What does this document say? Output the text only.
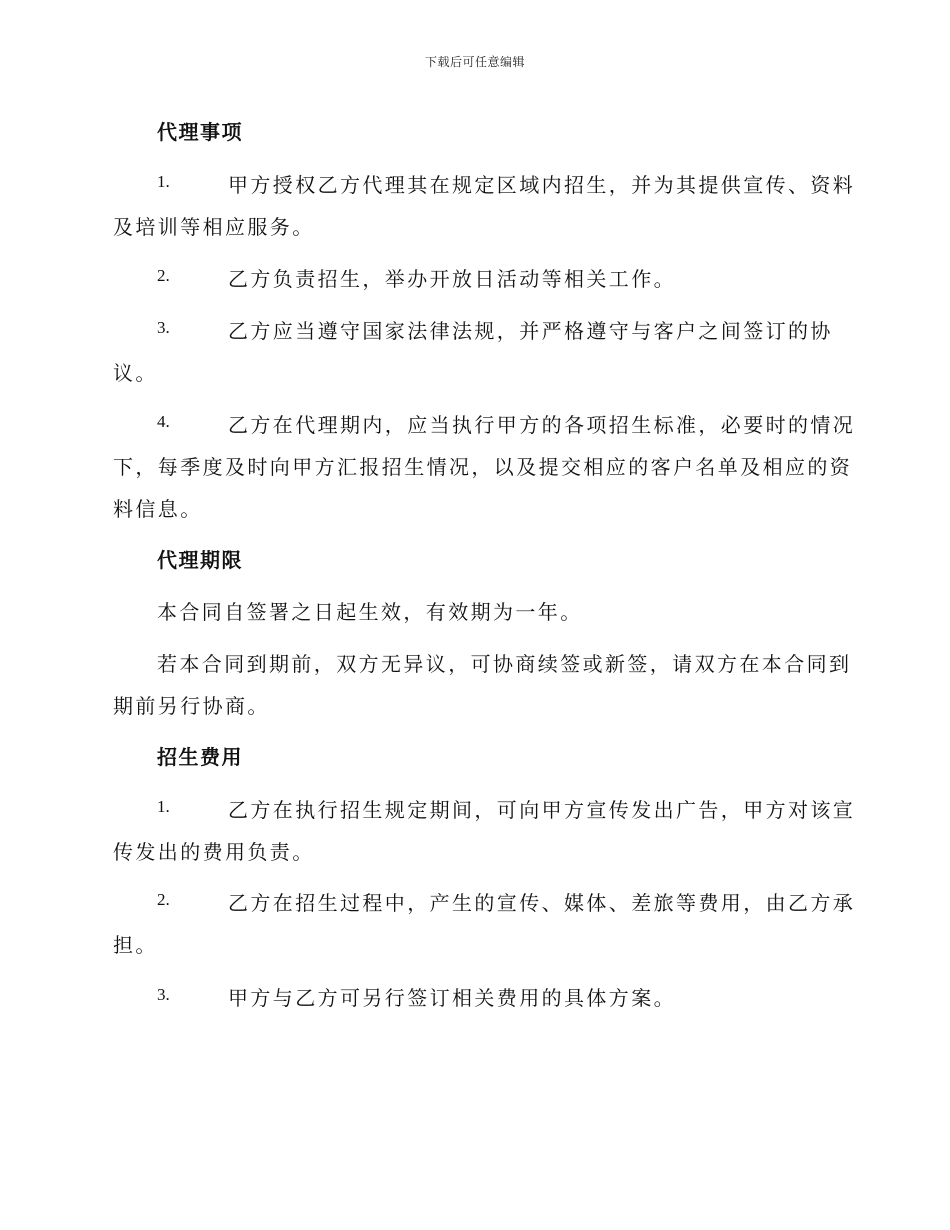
下载后可任意编辑
代理事项
1.	甲方授权乙方代理其在规定区域内招生，并为其提供宣传、资料
及培训等相应服务。
2.	乙方负责招生，举办开放日活动等相关工作。
3.	乙方应当遵守国家法律法规，并严格遵守与客户之间签订的协
议。
4.	乙方在代理期内，应当执行甲方的各项招生标准，必要时的情况
下，每季度及时向甲方汇报招生情况，以及提交相应的客户名单及相应的资
料信息。
代理期限
本合同自签署之日起生效，有效期为一年。
若本合同到期前，双方无异议，可协商续签或新签，请双方在本合同到
期前另行协商。
招生费用
1.	乙方在执行招生规定期间，可向甲方宣传发出广告，甲方对该宣
传发出的费用负责。
2.	乙方在招生过程中，产生的宣传、媒体、差旅等费用，由乙方承
担。
3.	甲方与乙方可另行签订相关费用的具体方案。
